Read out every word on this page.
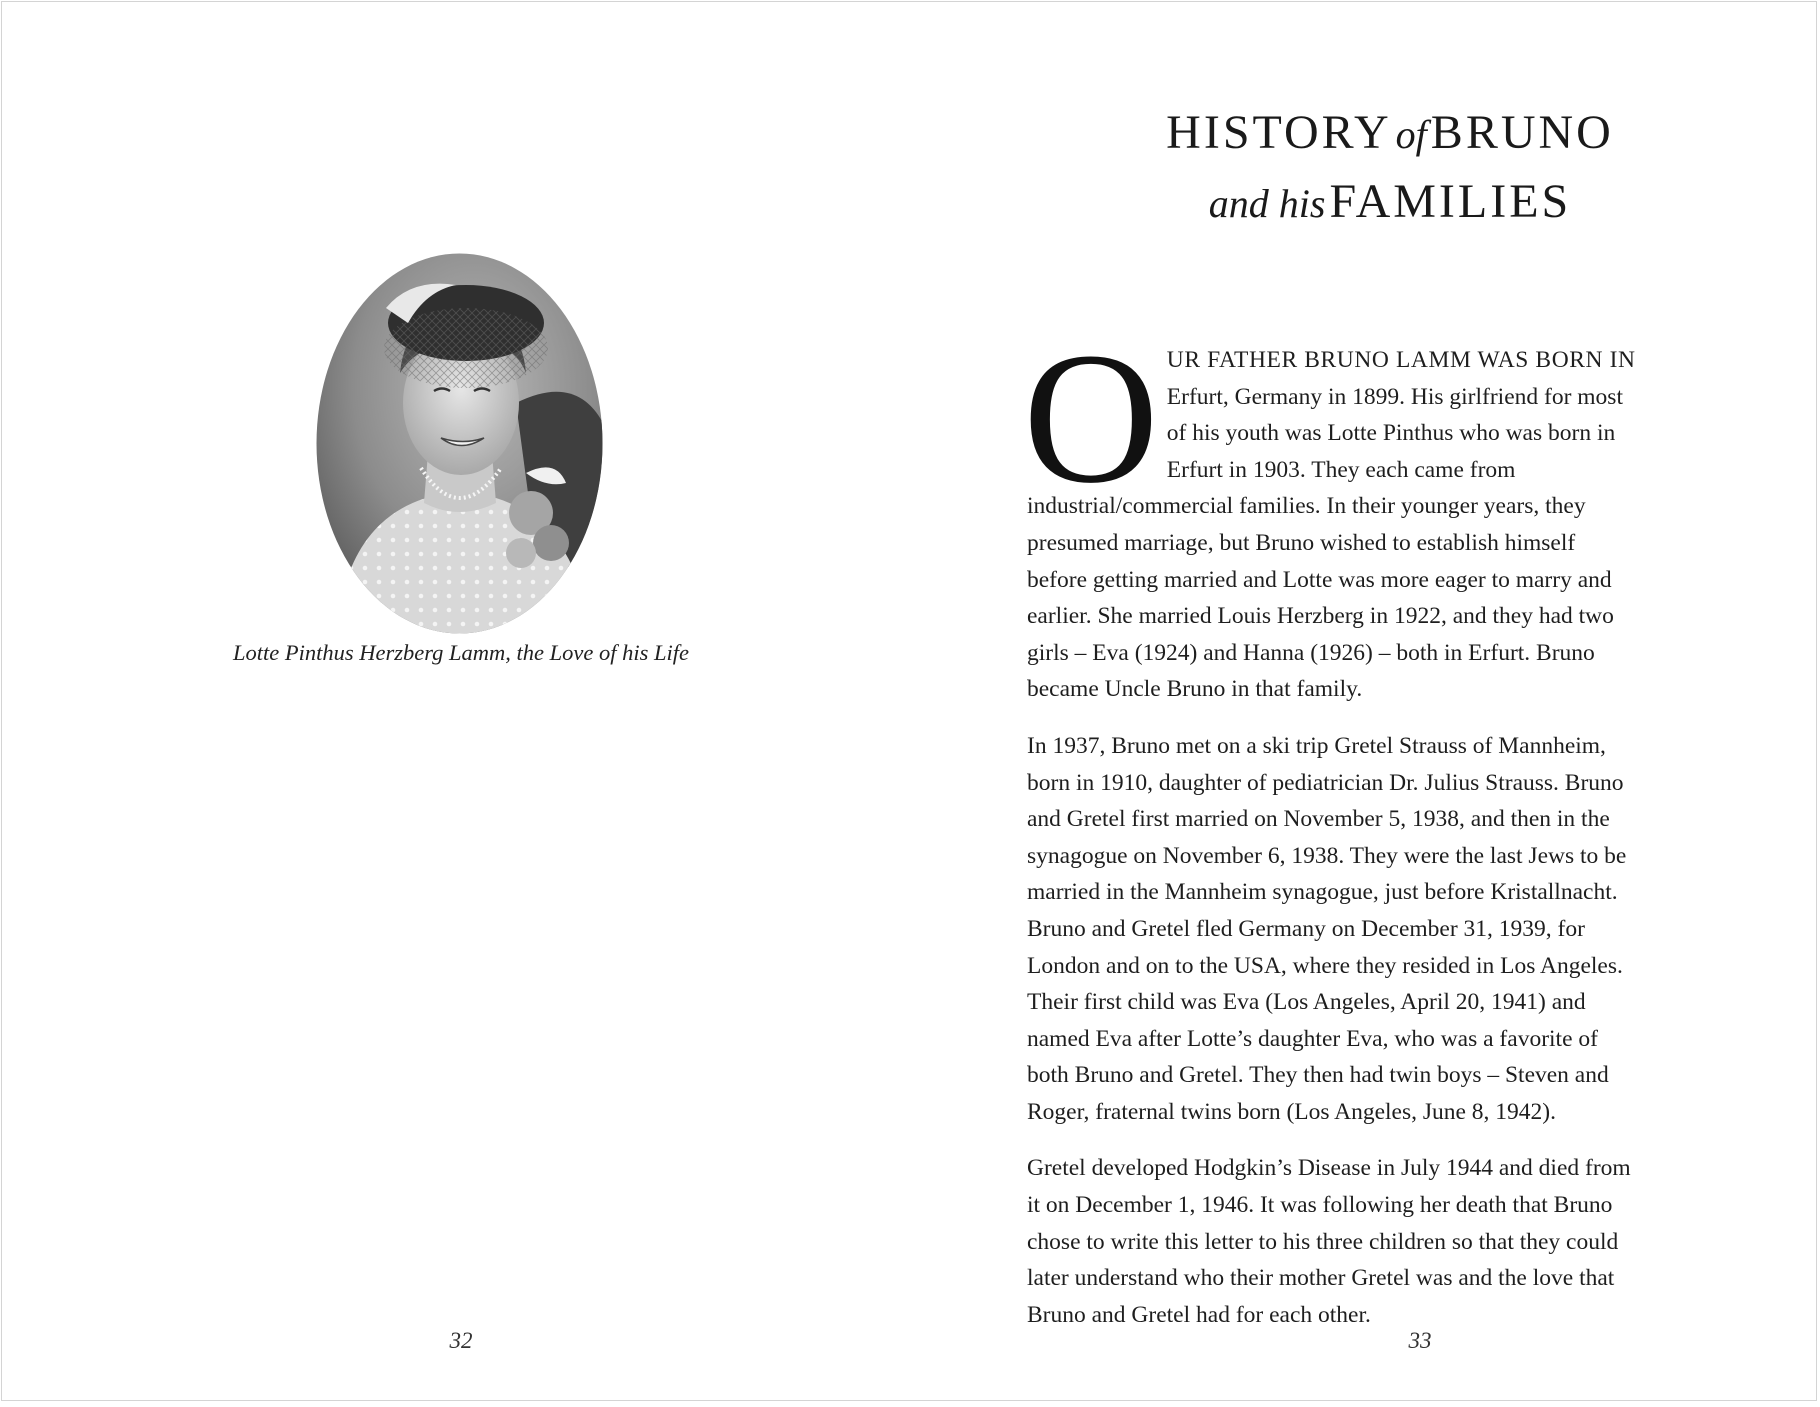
Lotte Pinthus Herzberg Lamm, the Love of his Life
32
HISTORY of BRUNO
and his FAMILIES

OUR FATHER BRUNO LAMM WAS BORN IN Erfurt, Germany in 1899. His girlfriend for most of his youth was Lotte Pinthus who was born in Erfurt in 1903. They each came from industrial/commercial families. In their younger years, they presumed marriage, but Bruno wished to establish himself before getting married and Lotte was more eager to marry and earlier. She married Louis Herzberg in 1922, and they had two girls – Eva (1924) and Hanna (1926) – both in Erfurt. Bruno became Uncle Bruno in that family.

In 1937, Bruno met on a ski trip Gretel Strauss of Mannheim, born in 1910, daughter of pediatrician Dr. Julius Strauss. Bruno and Gretel first married on November 5, 1938, and then in the synagogue on November 6, 1938. They were the last Jews to be married in the Mannheim synagogue, just before Kristallnacht. Bruno and Gretel fled Germany on December 31, 1939, for London and on to the USA, where they resided in Los Angeles. Their first child was Eva (Los Angeles, April 20, 1941) and named Eva after Lotte’s daughter Eva, who was a favorite of both Bruno and Gretel. They then had twin boys – Steven and Roger, fraternal twins born (Los Angeles, June 8, 1942).

Gretel developed Hodgkin’s Disease in July 1944 and died from it on December 1, 1946. It was following her death that Bruno chose to write this letter to his three children so that they could later understand who their mother Gretel was and the love that Bruno and Gretel had for each other.

33
